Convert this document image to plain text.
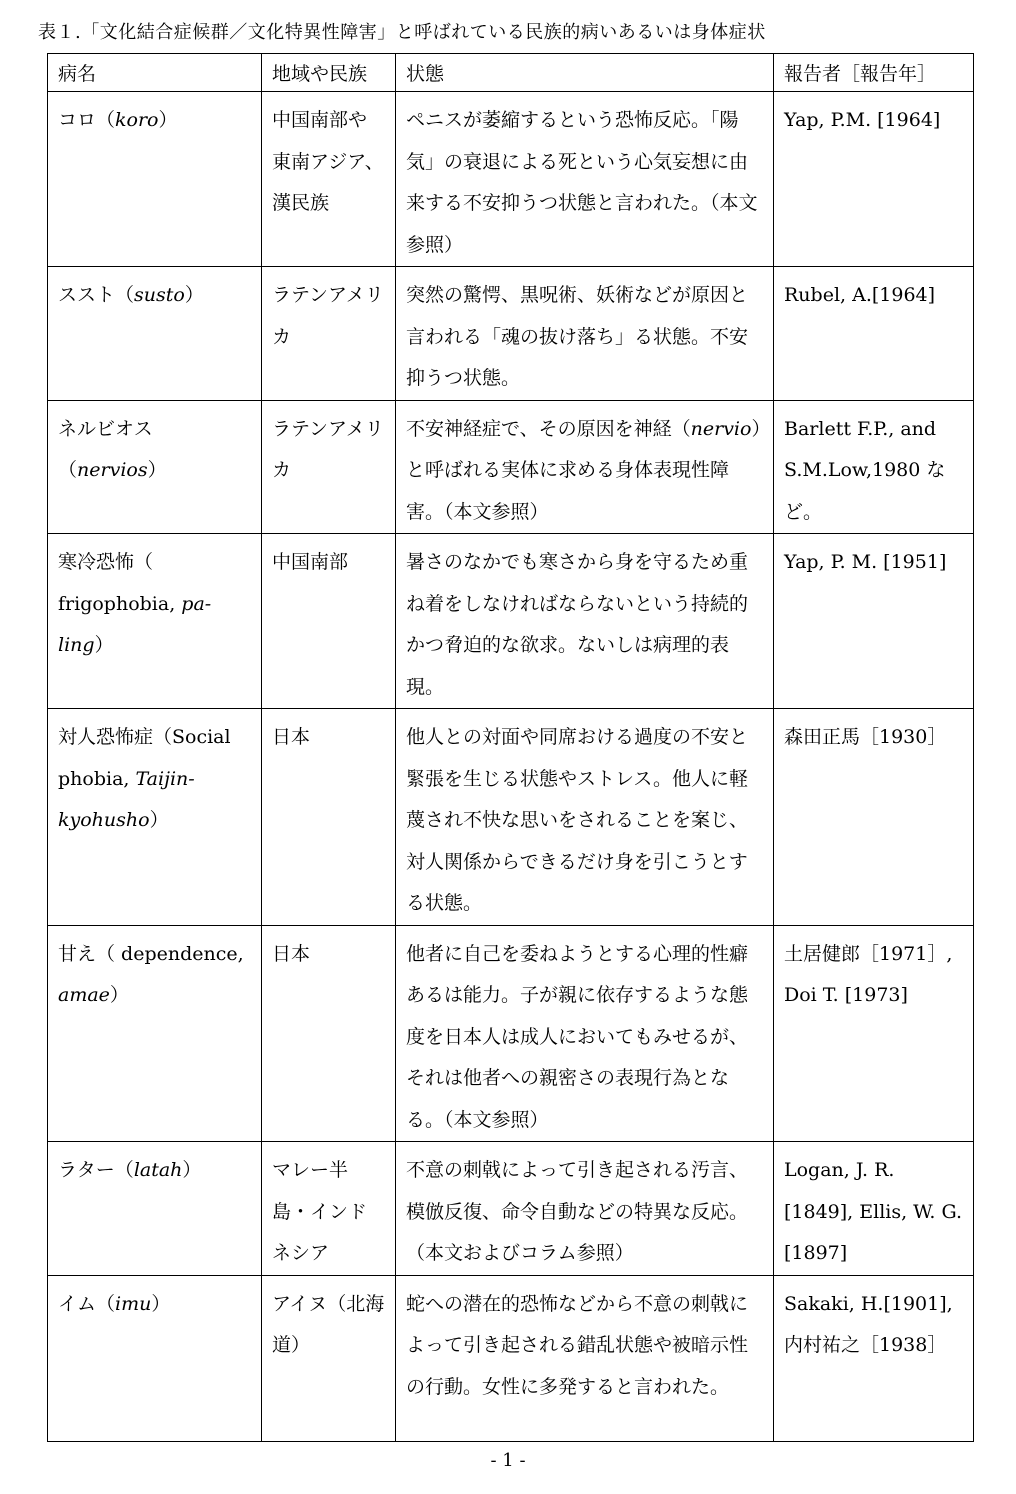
表１.「文化結合症候群／文化特異性障害」と呼ばれている民族的病いあるいは身体症状
病名	地域や民族	状態	報告者［報告年］
コロ（koro）	中国南部や東南アジア、漢民族	ペニスが萎縮するという恐怖反応。「陽気」の衰退による死という心気妄想に由来する不安抑うつ状態と言われた。（本文参照）	Yap, P.M. [1964]
ススト（susto）	ラテンアメリカ	突然の驚愕、黒呪術、妖術などが原因と言われる「魂の抜け落ち」る状態。不安抑うつ状態。	Rubel, A.[1964]
ネルビオス（nervios）	ラテンアメリカ	不安神経症で、その原因を神経（nervio）と呼ばれる実体に求める身体表現性障害。（本文参照）	Barlett F.P., and S.M.Low,1980 など。
寒冷恐怖（ frigophobia, pa-ling）	中国南部	暑さのなかでも寒さから身を守るため重ね着をしなければならないという持続的かつ脅迫的な欲求。ないしは病理的表現。	Yap, P. M. [1951]
対人恐怖症（Social phobia, Taijin-kyohusho）	日本	他人との対面や同席おける過度の不安と緊張を生じる状態やストレス。他人に軽蔑され不快な思いをされることを案じ、対人関係からできるだけ身を引こうとする状態。	森田正馬［1930］
甘え（ dependence, amae）	日本	他者に自己を委ねようとする心理的性癖あるは能力。子が親に依存するような態度を日本人は成人においてもみせるが、それは他者への親密さの表現行為となる。（本文参照）	土居健郎［1971］, Doi T. [1973]
ラター（latah）	マレー半島・インドネシア	不意の刺戟によって引き起される汚言、模倣反復、命令自動などの特異な反応。（本文およびコラム参照）	Logan, J. R. [1849], Ellis, W. G. [1897]
イム（imu）	アイヌ（北海道）	蛇への潜在的恐怖などから不意の刺戟によって引き起される錯乱状態や被暗示性の行動。女性に多発すると言われた。	Sakaki, H.[1901], 内村祐之［1938］
- 1 -
